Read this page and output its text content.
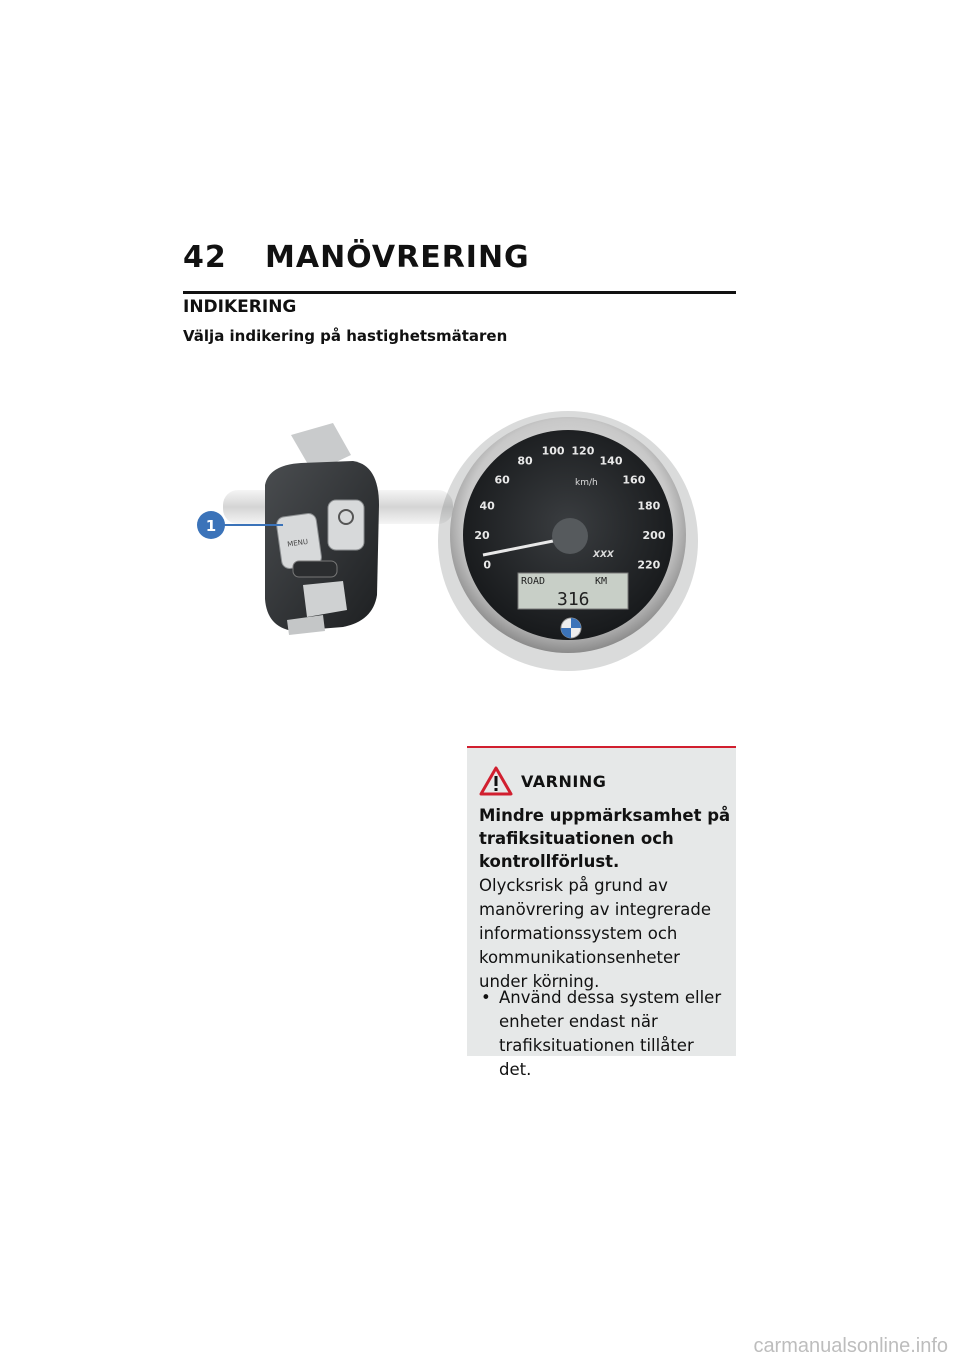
42 MANÖVRERING
INDIKERING
Välja indikering på hastighetsmätaren
MENU
1
0
20
40
60
80
100 120
140
160
180
200
220
km/h
ROAD	KM
316
XXX
VARNING
Mindre uppmärksamhet på trafiksituationen och kontrollförlust.
Olycksrisk på grund av manövrering av integrerade informationssystem och kommunikationsenheter under körning.
• Använd dessa system eller enheter endast när trafiksituationen tillåter det.
carmanualsonline.info
